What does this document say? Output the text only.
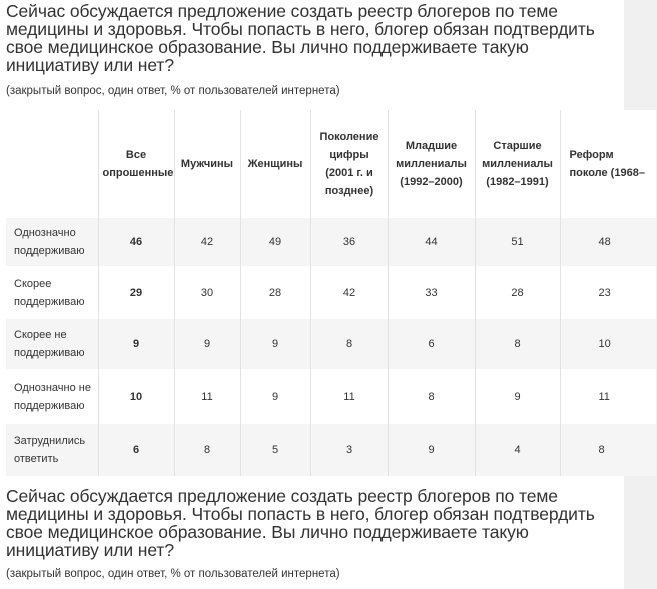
Сейчас обсуждается предложение создать реестр блогеров по теме медицины и здоровья. Чтобы попасть в него, блогер обязан подтвердить свое медицинское образование. Вы лично поддерживаете такую инициативу или нет?

(закрытый вопрос, один ответ, % от пользователей интернета)

	Все опрошенные	Мужчины	Женщины	Поколение цифры (2001 г. и позднее)	Младшие миллениалы (1992–2000)	Старшие миллениалы (1982–1991)	Реформ поколе (1968–
Однозначно поддерживаю	46	42	49	36	44	51	48
Скорее поддерживаю	29	30	28	42	33	28	23
Скорее не поддерживаю	9	9	9	8	6	8	10
Однозначно не поддерживаю	10	11	9	11	8	9	11
Затруднились ответить	6	8	5	3	9	4	8

Сейчас обсуждается предложение создать реестр блогеров по теме медицины и здоровья. Чтобы попасть в него, блогер обязан подтвердить свое медицинское образование. Вы лично поддерживаете такую инициативу или нет?

(закрытый вопрос, один ответ, % от пользователей интернета)
